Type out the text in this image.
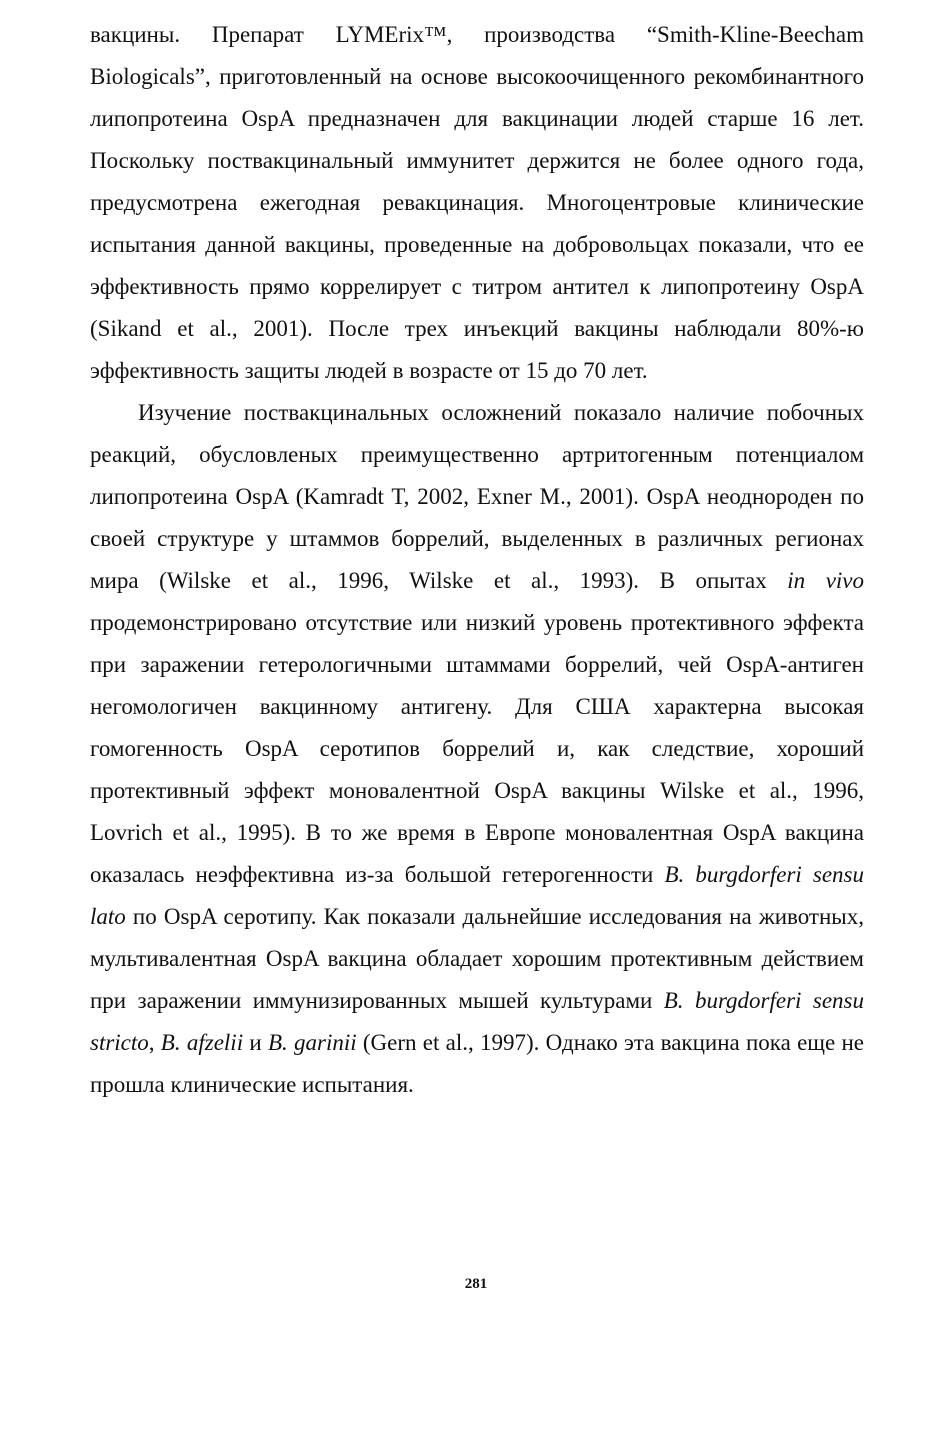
вакцины. Препарат LYMErix™, производства “Smith-Kline-Beecham Biologicals”, приготовленный на основе высокоочищенного рекомбинантного липопротеина OspA предназначен для вакцинации людей старше 16 лет. Поскольку поствакцинальный иммунитет держится не более одного года, предусмотрена ежегодная ревакцинация. Многоцентровые клинические испытания данной вакцины, проведенные на добровольцах показали, что ее эффективность прямо коррелирует с титром антител к липопротеину OspA (Sikand et al., 2001). После трех инъекций вакцины наблюдали 80%-ю эффективность защиты людей в возрасте от 15 до 70 лет.

Изучение поствакцинальных осложнений показало наличие побочных реакций, обусловленых преимущественно артритогенным потенциалом липопротеина OspA (Kamradt T, 2002, Exner M., 2001). OspA неоднороден по своей структуре у штаммов боррелий, выделенных в различных регионах мира (Wilske et al., 1996, Wilske et al., 1993). В опытах in vivo продемонстрировано отсутствие или низкий уровень протективного эффекта при заражении гетерологичными штаммами боррелий, чей OspA-антиген негомологичен вакцинному антигену. Для США характерна высокая гомогенность OspA серотипов боррелий и, как следствие, хороший протективный эффект моновалентной OspA вакцины Wilske et al., 1996, Lovrich et al., 1995). В то же время в Европе моновалентная OspA вакцина оказалась неэффективна из-за большой гетерогенности B. burgdorferi sensu lato по OspA серотипу. Как показали дальнейшие исследования на животных, мультивалентная OspA вакцина обладает хорошим протективным действием при заражении иммунизированных мышей культурами B. burgdorferi sensu stricto, B. afzelii и B. garinii (Gern et al., 1997). Однако эта вакцина пока еще не прошла клинические испытания.

281
